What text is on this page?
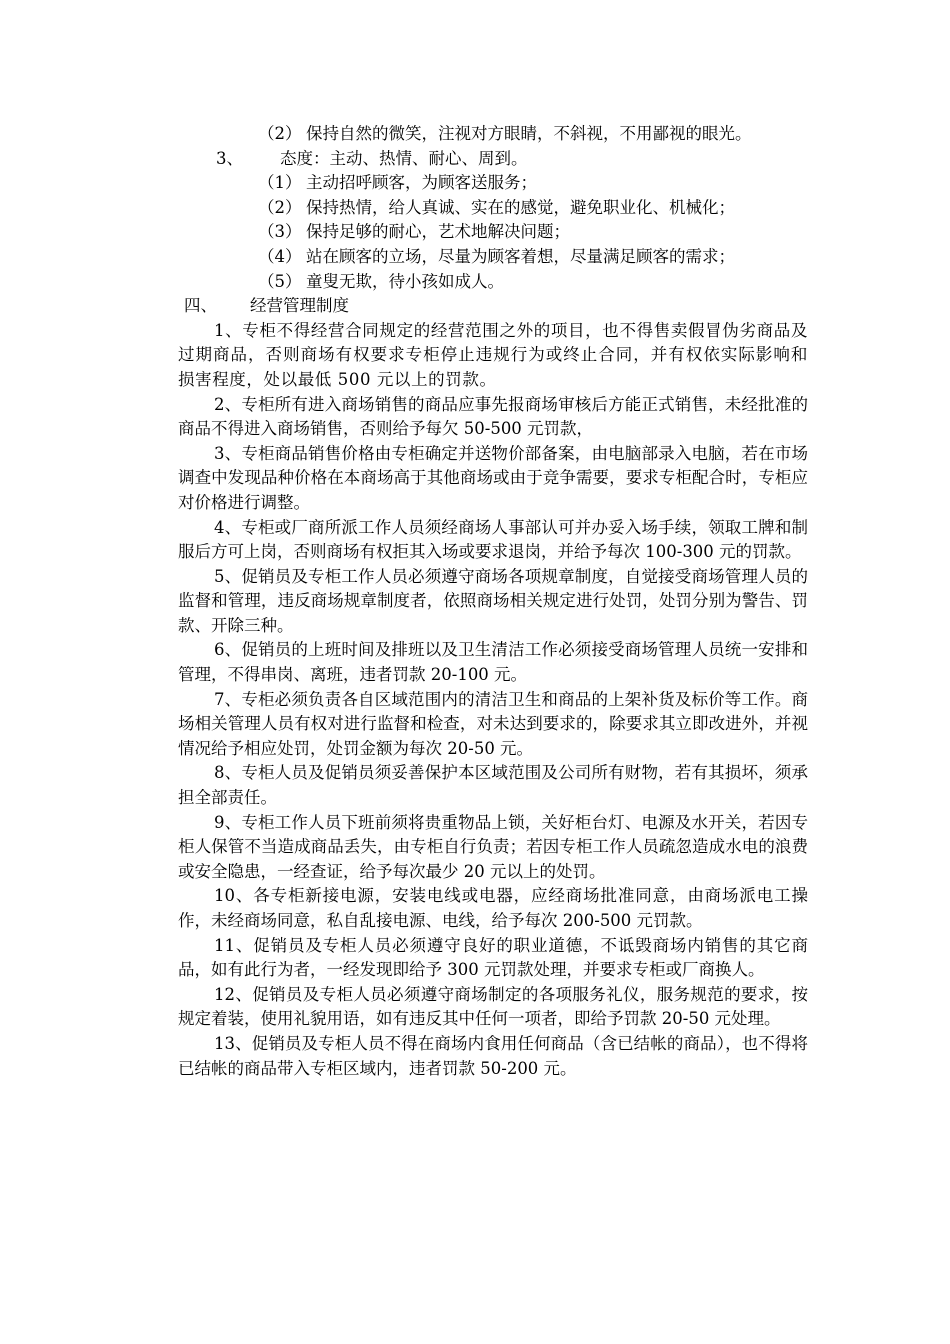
（2） 保持自然的微笑，注视对方眼睛，不斜视，不用鄙视的眼光。
3、 态度：主动、热情、耐心、周到。
（1） 主动招呼顾客，为顾客送服务；
（2） 保持热情，给人真诚、实在的感觉，避免职业化、机械化；
（3） 保持足够的耐心，艺术地解决问题；
（4） 站在顾客的立场，尽量为顾客着想，尽量满足顾客的需求；
（5） 童叟无欺，待小孩如成人。
四、 经营管理制度

1、专柜不得经营合同规定的经营范围之外的项目，也不得售卖假冒伪劣商品及过期商品，否则商场有权要求专柜停止违规行为或终止合同，并有权依实际影响和损害程度，处以最低 500 元以上的罚款。

2、专柜所有进入商场销售的商品应事先报商场审核后方能正式销售，未经批准的商品不得进入商场销售，否则给予每欠 50-500 元罚款，

3、专柜商品销售价格由专柜确定并送物价部备案，由电脑部录入电脑，若在市场调查中发现品种价格在本商场高于其他商场或由于竞争需要，要求专柜配合时，专柜应对价格进行调整。

4、专柜或厂商所派工作人员须经商场人事部认可并办妥入场手续，领取工牌和制服后方可上岗，否则商场有权拒其入场或要求退岗，并给予每次 100-300 元的罚款。

5、促销员及专柜工作人员必须遵守商场各项规章制度，自觉接受商场管理人员的监督和管理，违反商场规章制度者，依照商场相关规定进行处罚，处罚分别为警告、罚款、开除三种。

6、促销员的上班时间及排班以及卫生清洁工作必须接受商场管理人员统一安排和管理，不得串岗、离班，违者罚款 20-100 元。

7、专柜必须负责各自区域范围内的清洁卫生和商品的上架补货及标价等工作。商场相关管理人员有权对进行监督和检查，对未达到要求的，除要求其立即改进外，并视情况给予相应处罚，处罚金额为每次 20-50 元。

8、专柜人员及促销员须妥善保护本区域范围及公司所有财物，若有其损坏，须承担全部责任。

9、专柜工作人员下班前须将贵重物品上锁，关好柜台灯、电源及水开关，若因专柜人保管不当造成商品丢失，由专柜自行负责；若因专柜工作人员疏忽造成水电的浪费或安全隐患，一经查证，给予每次最少 20 元以上的处罚。

10、各专柜新接电源，安装电线或电器，应经商场批准同意，由商场派电工操作，未经商场同意，私自乱接电源、电线，给予每次 200-500 元罚款。

11、促销员及专柜人员必须遵守良好的职业道德，不诋毁商场内销售的其它商品，如有此行为者，一经发现即给予 300 元罚款处理，并要求专柜或厂商换人。

12、促销员及专柜人员必须遵守商场制定的各项服务礼仪，服务规范的要求，按规定着装，使用礼貌用语，如有违反其中任何一项者，即给予罚款 20-50 元处理。

13、促销员及专柜人员不得在商场内食用任何商品（含已结帐的商品），也不得将已结帐的商品带入专柜区域内，违者罚款 50-200 元。
